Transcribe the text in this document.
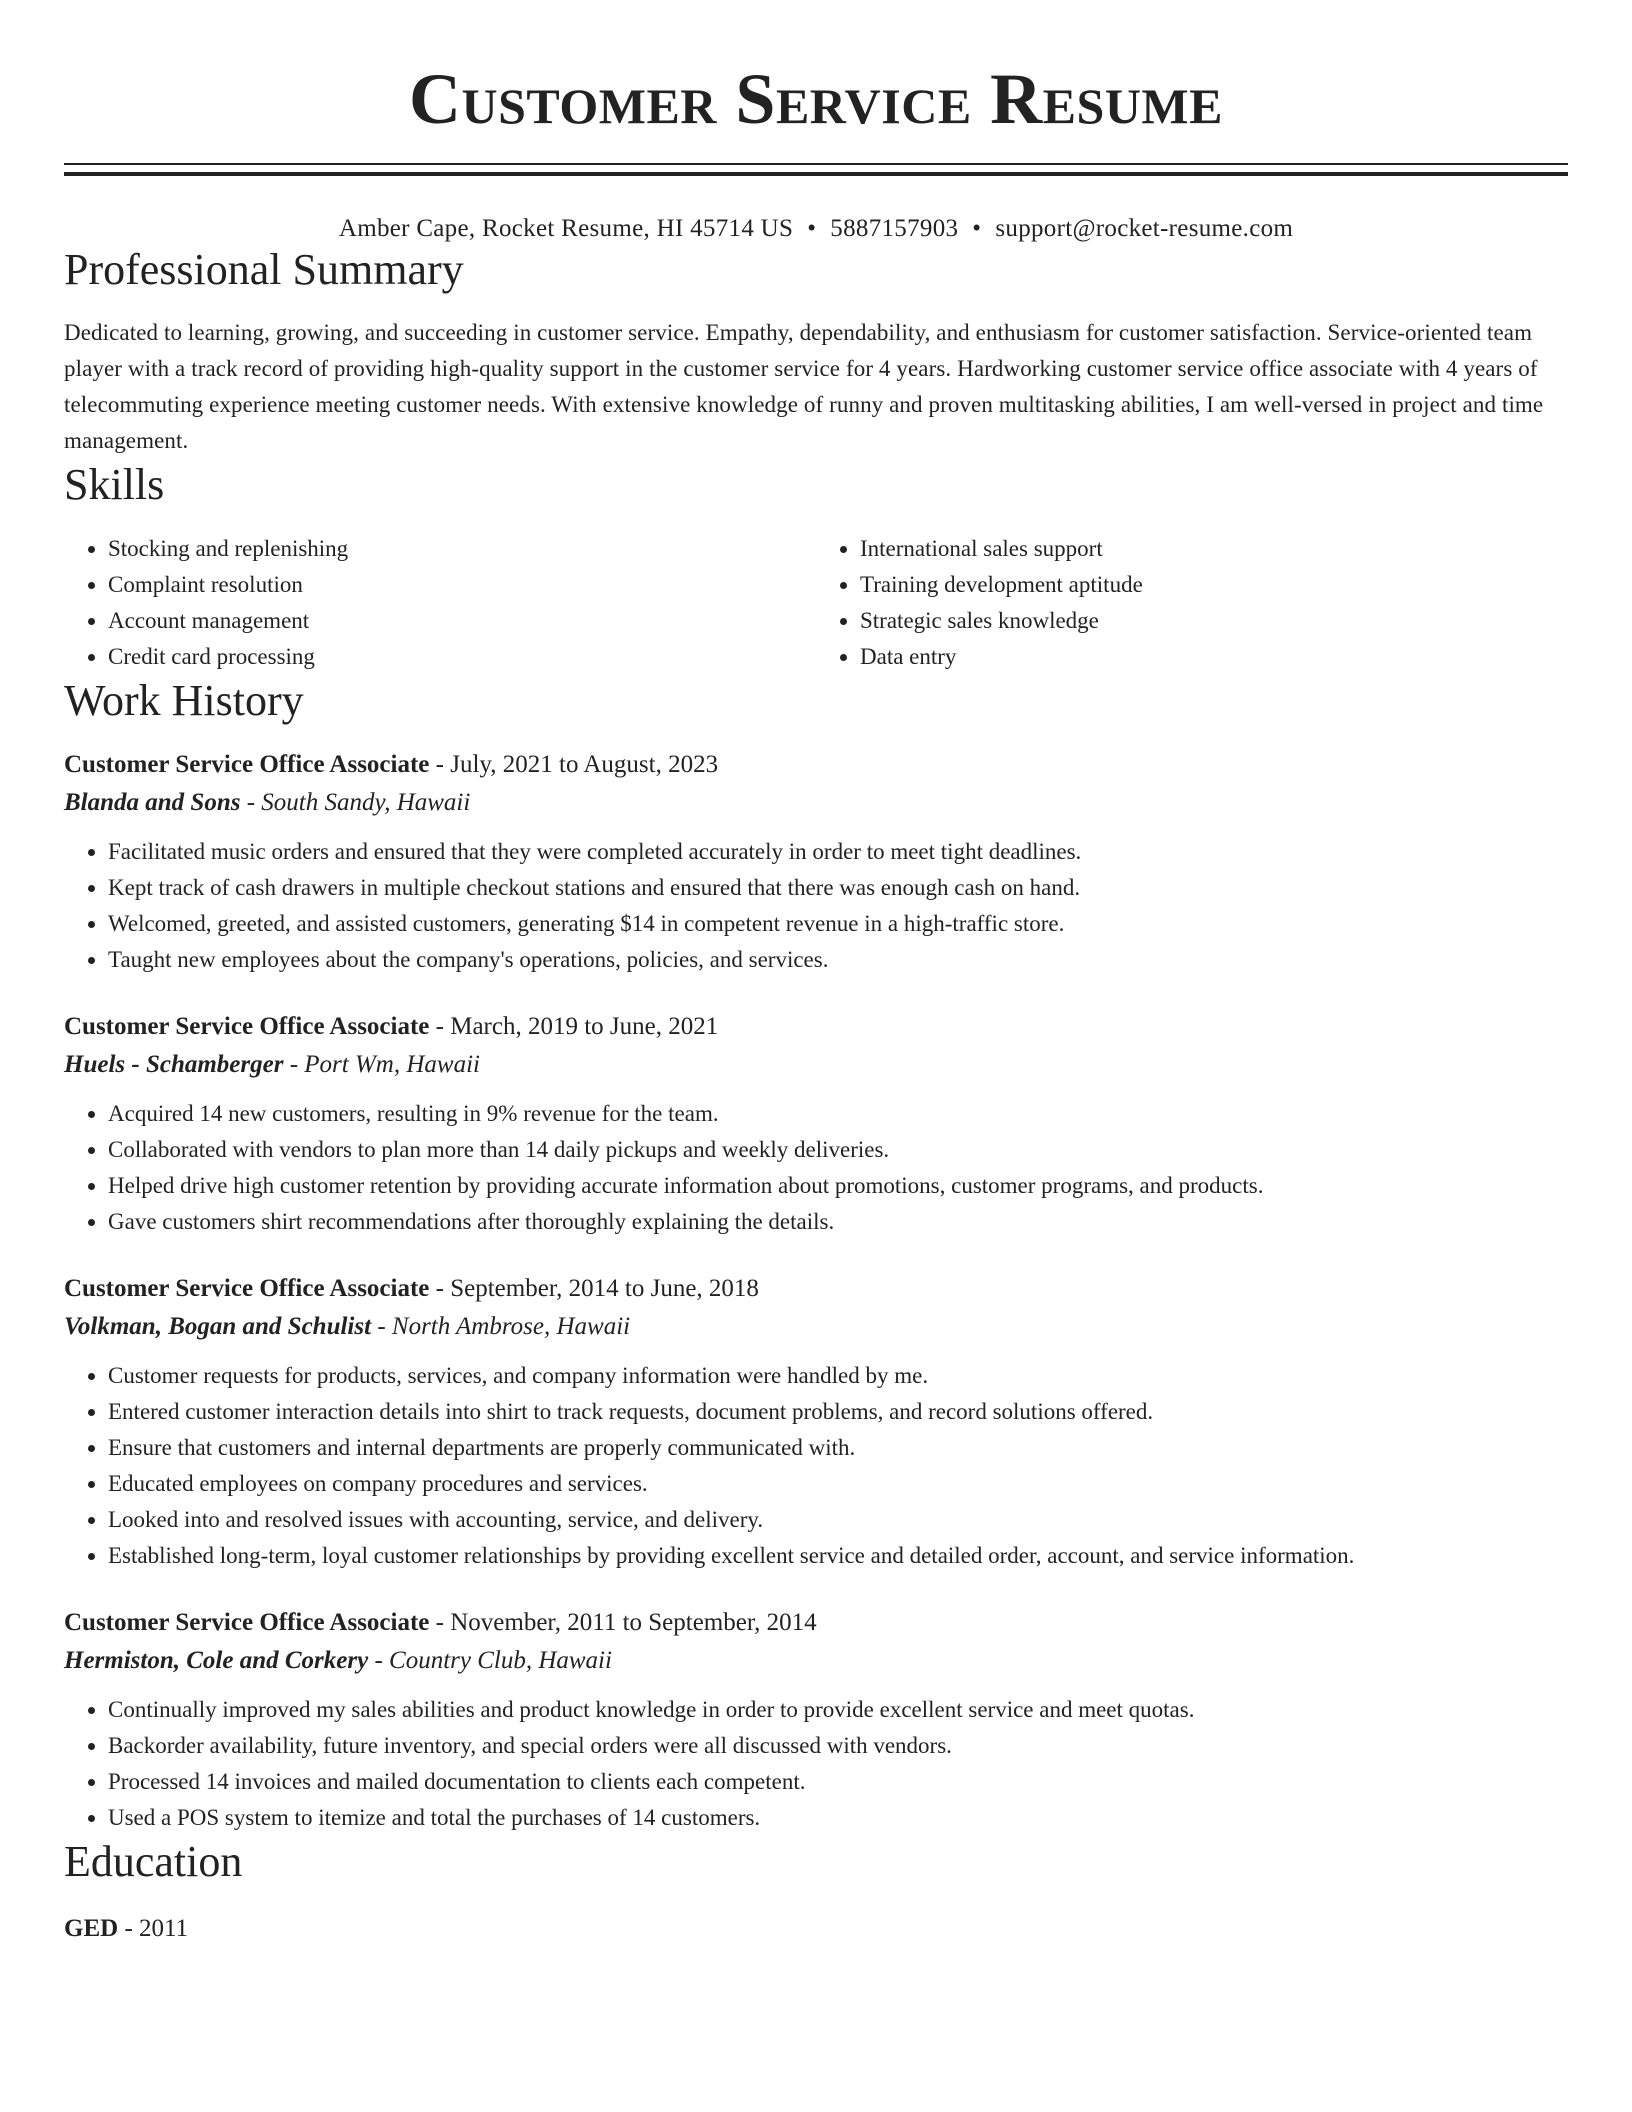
Customer Service Resume
Amber Cape, Rocket Resume, HI 45714 US • 5887157903 • support@rocket-resume.com
Professional Summary

Dedicated to learning, growing, and succeeding in customer service. Empathy, dependability, and enthusiasm for customer satisfaction. Service-oriented team player with a track record of providing high-quality support in the customer service for 4 years. Hardworking customer service office associate with 4 years of telecommuting experience meeting customer needs. With extensive knowledge of runny and proven multitasking abilities, I am well-versed in project and time management.

Skills
• Stocking and replenishing
• Complaint resolution
• Account management
• Credit card processing
• International sales support
• Training development aptitude
• Strategic sales knowledge
• Data entry
Work History
Customer Service Office Associate - July, 2021 to August, 2023
Blanda and Sons - South Sandy, Hawaii
• Facilitated music orders and ensured that they were completed accurately in order to meet tight deadlines.
• Kept track of cash drawers in multiple checkout stations and ensured that there was enough cash on hand.
• Welcomed, greeted, and assisted customers, generating $14 in competent revenue in a high-traffic store.
• Taught new employees about the company's operations, policies, and services.
Customer Service Office Associate - March, 2019 to June, 2021
Huels - Schamberger - Port Wm, Hawaii
• Acquired 14 new customers, resulting in 9% revenue for the team.
• Collaborated with vendors to plan more than 14 daily pickups and weekly deliveries.
• Helped drive high customer retention by providing accurate information about promotions, customer programs, and products.
• Gave customers shirt recommendations after thoroughly explaining the details.
Customer Service Office Associate - September, 2014 to June, 2018
Volkman, Bogan and Schulist - North Ambrose, Hawaii
• Customer requests for products, services, and company information were handled by me.
• Entered customer interaction details into shirt to track requests, document problems, and record solutions offered.
• Ensure that customers and internal departments are properly communicated with.
• Educated employees on company procedures and services.
• Looked into and resolved issues with accounting, service, and delivery.
• Established long-term, loyal customer relationships by providing excellent service and detailed order, account, and service information.
Customer Service Office Associate - November, 2011 to September, 2014
Hermiston, Cole and Corkery - Country Club, Hawaii
• Continually improved my sales abilities and product knowledge in order to provide excellent service and meet quotas.
• Backorder availability, future inventory, and special orders were all discussed with vendors.
• Processed 14 invoices and mailed documentation to clients each competent.
• Used a POS system to itemize and total the purchases of 14 customers.
Education
GED - 2011
